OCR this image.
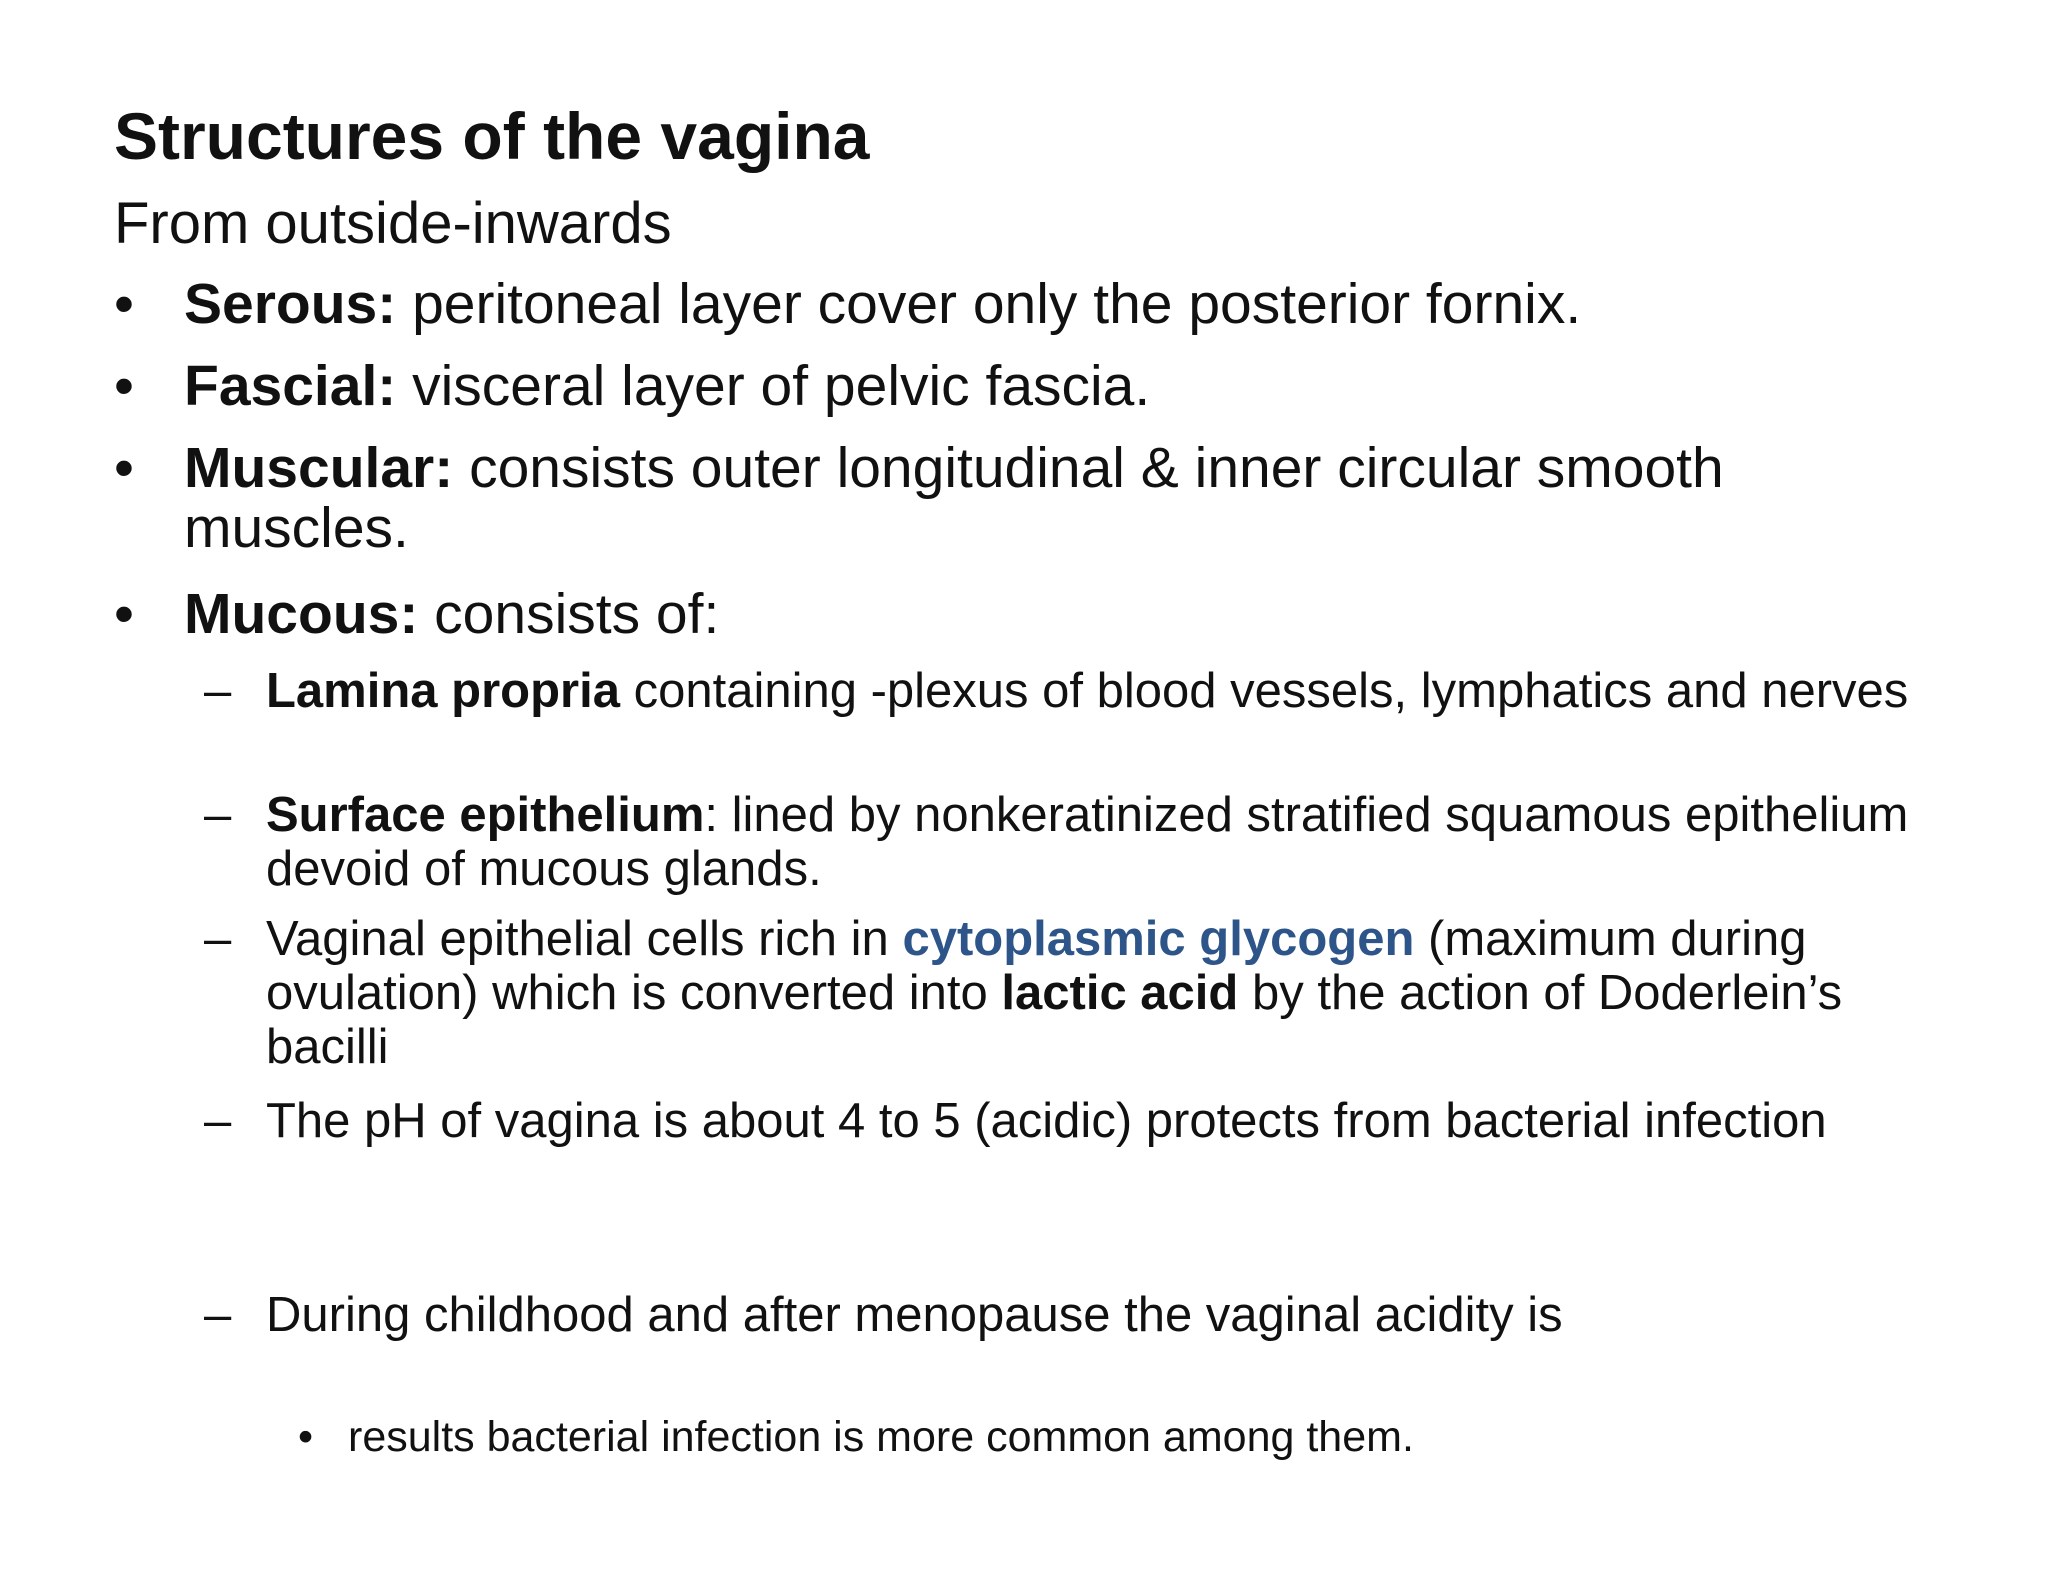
Structures of the vagina
From outside-inwards
• Serous: peritoneal layer cover only the posterior fornix.
• Fascial: visceral layer of pelvic fascia.
• Muscular: consists outer longitudinal & inner circular smooth muscles.
• Mucous: consists of:
– Lamina propria containing -plexus of blood vessels, lymphatics and nerves
– Surface epithelium: lined by nonkeratinized stratified squamous epithelium devoid of mucous glands.
– Vaginal epithelial cells rich in cytoplasmic glycogen (maximum during ovulation) which is converted into lactic acid by the action of Doderlein’s bacilli
– The pH of vagina is about 4 to 5 (acidic) protects from bacterial infection
– During childhood and after menopause the vaginal acidity is
• results bacterial infection is more common among them.
